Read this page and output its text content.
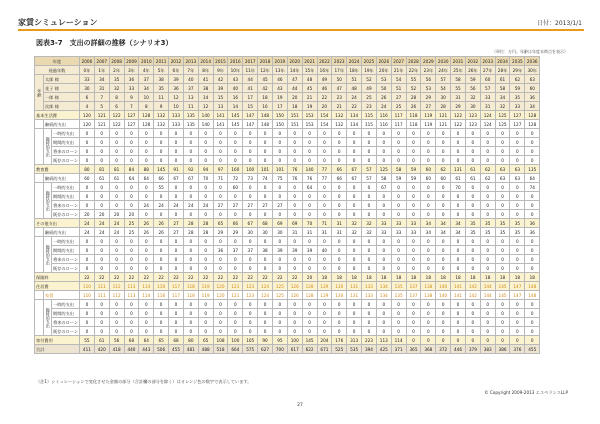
家賃シミュレーション	日付：2013/1/1
図表3-7　支出の詳細の推移（シナリオ3）
（単位：万円。年齢は年度末時点を表示）
年度			2006	2007	2008	2009	2010	2011	2012	2013	2014	2015	2016	2017	2018	2019	2020	2021	2022	2023	2024	2025	2026	2027	2028	2029	2030	2031	2032	2033	2034	2035	2036
経過年数			0年	1年	2年	3年	4年	5年	6年	7年	8年	9年	10年	11年	12年	13年	14年	15年	16年	17年	18年	19年	20年	21年	22年	23年	24年	25年	26年	27年	28年	29年	30年
年齢	太郎 様		33	34	35	36	37	38	39	40	41	42	43	44	45	46	47	48	49	50	51	52	53	54	55	56	57	58	59	60	61	62	63
	花子 様		30	31	32	33	34	35	36	37	38	39	40	41	42	43	44	45	46	47	48	49	50	51	52	53	54	55	56	57	58	59	60
	一郎 様		6	7	8	9	10	11	12	13	14	15	16	17	18	19	20	21	22	23	24	25	26	27	28	29	30	31	32	33	34	35	36
	次郎 様		4	5	6	7	8	9	10	11	12	13	14	15	16	17	18	19	20	21	22	23	24	25	26	27	28	29	30	31	32	33	34
基本生活費			120	121	122	127	128	132	133	135	140	141	145	147	148	150	151	153	154	132	134	115	116	117	118	119	121	122	123	124	125	127	128
	継続的支出		120	121	122	127	128	132	133	135	140	141	145	147	148	150	151	153	154	132	134	115	116	117	118	119	121	122	123	124	125	127	128
	臨時的支出	一時的支出	0	0	0	0	0	0	0	0	0	0	0	0	0	0	0	0	0	0	0	0	0	0	0	0	0	0	0	0	0	0	0
		期間的支出	0	0	0	0	0	0	0	0	0	0	0	0	0	0	0	0	0	0	0	0	0	0	0	0	0	0	0	0	0	0	0
		将来のローン	0	0	0	0	0	0	0	0	0	0	0	0	0	0	0	0	0	0	0	0	0	0	0	0	0	0	0	0	0	0	0
		既存のローン	0	0	0	0	0	0	0	0	0	0	0	0	0	0	0	0	0	0	0	0	0	0	0	0	0	0	0	0	0	0	0
教育費			80	81	81	84	88	145	91	92	94	97	160	100	101	101	76	140	77	66	67	57	125	58	59	60	62	131	61	62	63	63	135
	継続的支出		60	61	61	64	64	66	67	67	70	71	72	73	74	75	76	76	77	66	67	57	58	59	59	60	60	61	61	62	63	63	64
	臨時的支出	一時的支出	0	0	0	0	0	55	0	0	0	0	60	0	0	0	0	64	0	0	0	0	67	0	0	0	0	70	0	0	0	0	74
		期間的支出	0	0	0	0	0	0	0	0	0	0	0	0	0	0	0	0	0	0	0	0	0	0	0	0	0	0	0	0	0	0	0
		将来のローン	0	0	0	0	24	24	24	24	24	27	27	27	27	27	0	0	0	0	0	0	0	0	0	0	0	0	0	0	0	0	0
		既存のローン	20	20	20	20	0	0	0	0	0	0	0	0	0	0	0	0	0	0	0	0	0	0	0	0	0	0	0	0	0	0	0
その他支出			24	24	24	25	26	26	27	28	28	65	66	67	68	69	69	70	71	31	32	32	33	33	33	34	34	34	35	35	35	35	36
	継続的支出		24	24	24	25	26	26	27	28	28	29	29	30	30	30	31	31	31	31	32	32	33	33	33	34	34	34	35	35	35	35	36
	臨時的支出	一時的支出	0	0	0	0	0	0	0	0	0	0	0	0	0	0	0	0	0	0	0	0	0	0	0	0	0	0	0	0	0	0	0
		期間的支出	0	0	0	0	0	0	0	0	0	36	37	37	38	39	39	39	40	0	0	0	0	0	0	0	0	0	0	0	0	0	0
		将来のローン	0	0	0	0	0	0	0	0	0	0	0	0	0	0	0	0	0	0	0	0	0	0	0	0	0	0	0	0	0	0	0
		既存のローン	0	0	0	0	0	0	0	0	0	0	0	0	0	0	0	0	0	0	0	0	0	0	0	0	0	0	0	0	0	0	0
保険料			22	22	22	22	22	22	22	22	22	22	22	22	22	22	22	20	18	18	18	18	18	18	18	18	18	18	18	18	18	18	18
住居費			110	111	112	113	114	116	117	118	119	120	121	123	124	125	126	128	129	130	131	133	134	135	137	138	140	141	142	144	145	147	148
	家賃		110	111	112	113	114	116	117	118	119	120	121	123	124	125	126	128	129	130	131	133	134	135	137	138	140	141	142	144	145	147	148
	臨時的支出	一時的支出	0	0	0	0	0	0	0	0	0	0	0	0	0	0	0	0	0	0	0	0	0	0	0	0	0	0	0	0	0	0	0
		期間的支出	0	0	0	0	0	0	0	0	0	0	0	0	0	0	0	0	0	0	0	0	0	0	0	0	0	0	0	0	0	0	0
		将来のローン	0	0	0	0	0	0	0	0	0	0	0	0	0	0	0	0	0	0	0	0	0	0	0	0	0	0	0	0	0	0	0
		既存のローン	0	0	0	0	0	0	0	0	0	0	0	0	0	0	0	0	0	0	0	0	0	0	0	0	0	0	0	0	0	0	0
寄付費用			55	61	56	68	64	65	68	80	65	108	100	105	90	95	100	145	204	176	313	223	113	114	0	0	0	0	0	0	0	0	0
合計			411	420	418	440	443	506	455	481	488	518	664	575	627	700	617	622	671	525	535	394	425	371	365	368	372	446	379	383	386	376	455
（注1）シミュレーションで変化させた金額の部分（合計欄の部分を除く）はオレンジ色の数字で表示しています。
© Copyright 2009-2013 エスペランスLLP
27
